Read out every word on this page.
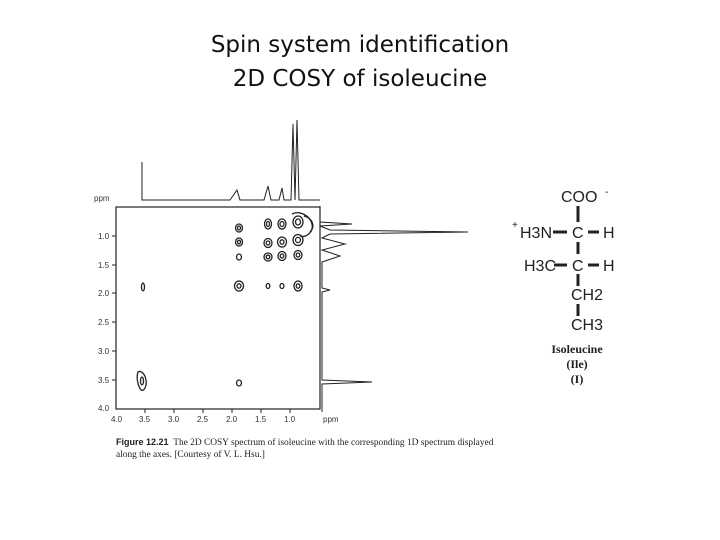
Spin system identification
2D COSY of isoleucine
ppm
1.0
1.5
2.0
2.5
3.0
3.5
4.0
4.0 3.5 3.0 2.5 2.0 1.5 1.0	ppm
COO -
+ H3N C H
H3C C H
CH2
CH3
Isoleucine
(Ile)
(I)
Figure 12.21 The 2D COSY spectrum of isoleucine with the corresponding 1D spectrum displayed along the axes. [Courtesy of V. L. Hsu.]
